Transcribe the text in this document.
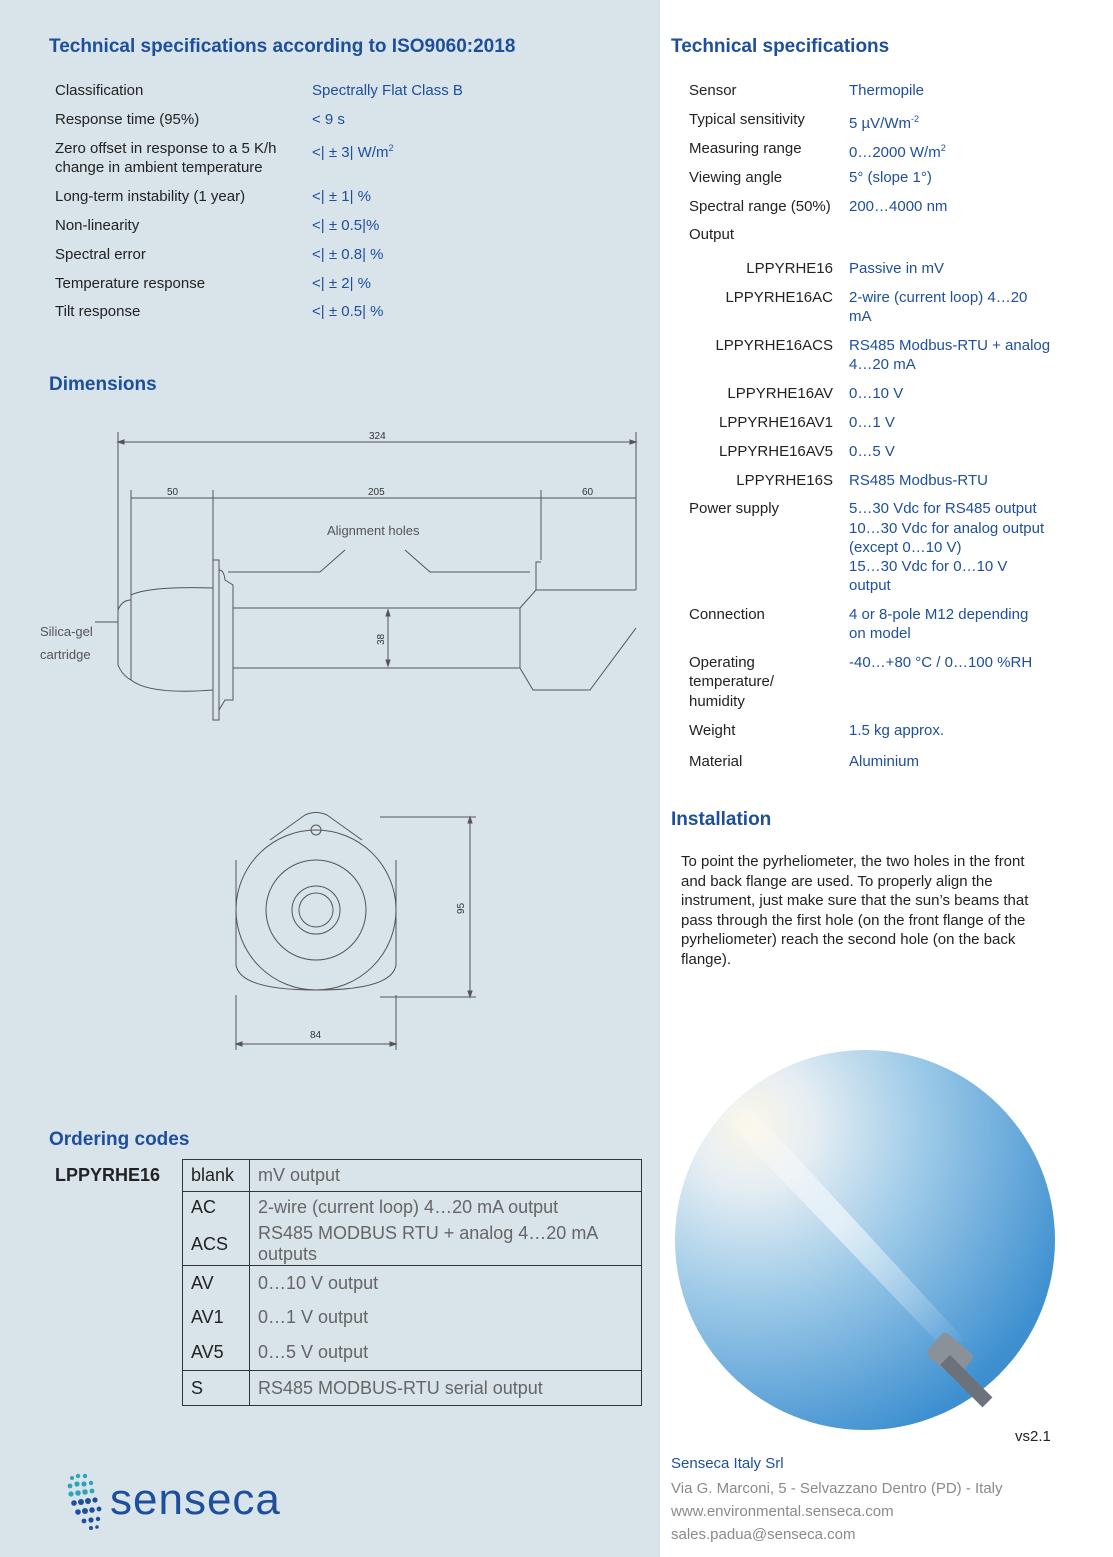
Technical specifications according to ISO9060:2018
Classification	Spectrally Flat Class B
Response time (95%)	< 9 s
Zero offset in response to a 5 K/h
change in ambient temperature
<| ± 3| $W/m^2$
Long-term instability (1 year)	<| ± 1| %
Non-linearity	<| ± 0.5|%
Spectral error	<| ± 0.8| %
Temperature response	<| ± 2| %
Tilt response	<| ± 0.5| %
Dimensions
324
50	205	60
Alignment holes
Silica-gel
cartridge
38
95
84
Ordering codes
LPPYRHE16 blank	mV output
AC	2-wire (current loop) 4…20 mA output
ACS	RS485 MODBUS RTU + analog 4…20 mA outputs
AV	0…10 V output
AV1	0…1 V output
AV5	0…5 V output
S	RS485 MODBUS-RTU serial output
senseca
Technical specifications
Sensor	Thermopile
Typical sensitivity	5 $\mu V/Wm^{-2}$
Measuring range	0…2000 $W/m^2$
Viewing angle	5° (slope 1°)
Spectral range (50%) 200…4000 nm
Output
LPPYRHE16 Passive in mV
LPPYRHE16AC 2-wire (current loop) 4…20
mA
LPPYRHE16ACS RS485 Modbus-RTU + analog
4…20 mA
LPPYRHE16AV 0…10 V
LPPYRHE16AV1 0…1 V
LPPYRHE16AV5 0…5 V
LPPYRHE16S RS485 Modbus-RTU
Power supply	5…30 Vdc for RS485 output
10…30 Vdc for analog output
(except 0…10 V)
15…30 Vdc for 0…10 V
output
Connection	4 or 8-pole M12 depending
on model
Operating
temperature/
humidity
-40…+80 °C / 0…100 %RH
Weight	1.5 kg approx.
Material	Aluminium
Installation
To point the pyrheliometer, the two holes in the front and back flange are used. To properly align the instrument, just make sure that the sun’s beams that pass through the first hole (on the front flange of the pyrheliometer) reach the second hole (on the back flange).
vs2.1
Senseca Italy Srl
Via G. Marconi, 5 - Selvazzano Dentro (PD) - Italy
www.environmental.senseca.com
sales.padua@senseca.com
